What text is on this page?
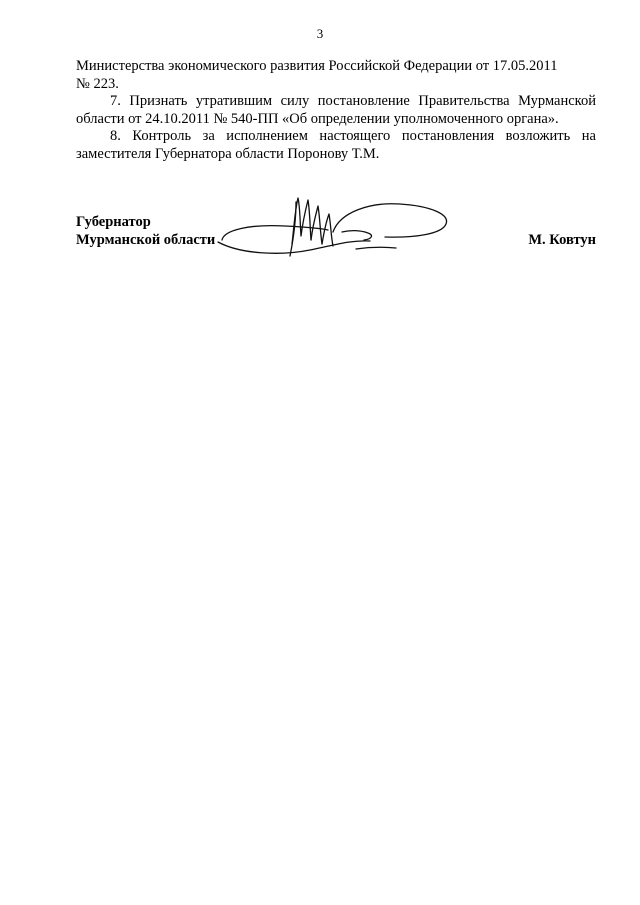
3

Министерства экономического развития Российской Федерации от 17.05.2011
№ 223.

7. Признать утратившим силу постановление Правительства Мурманской области от 24.10.2011 № 540-ПП «Об определении уполномоченного органа».

8. Контроль за исполнением настоящего постановления возложить на заместителя Губернатора области Поронову Т.М.

Губернатор
Мурманской области	М. Ковтун
